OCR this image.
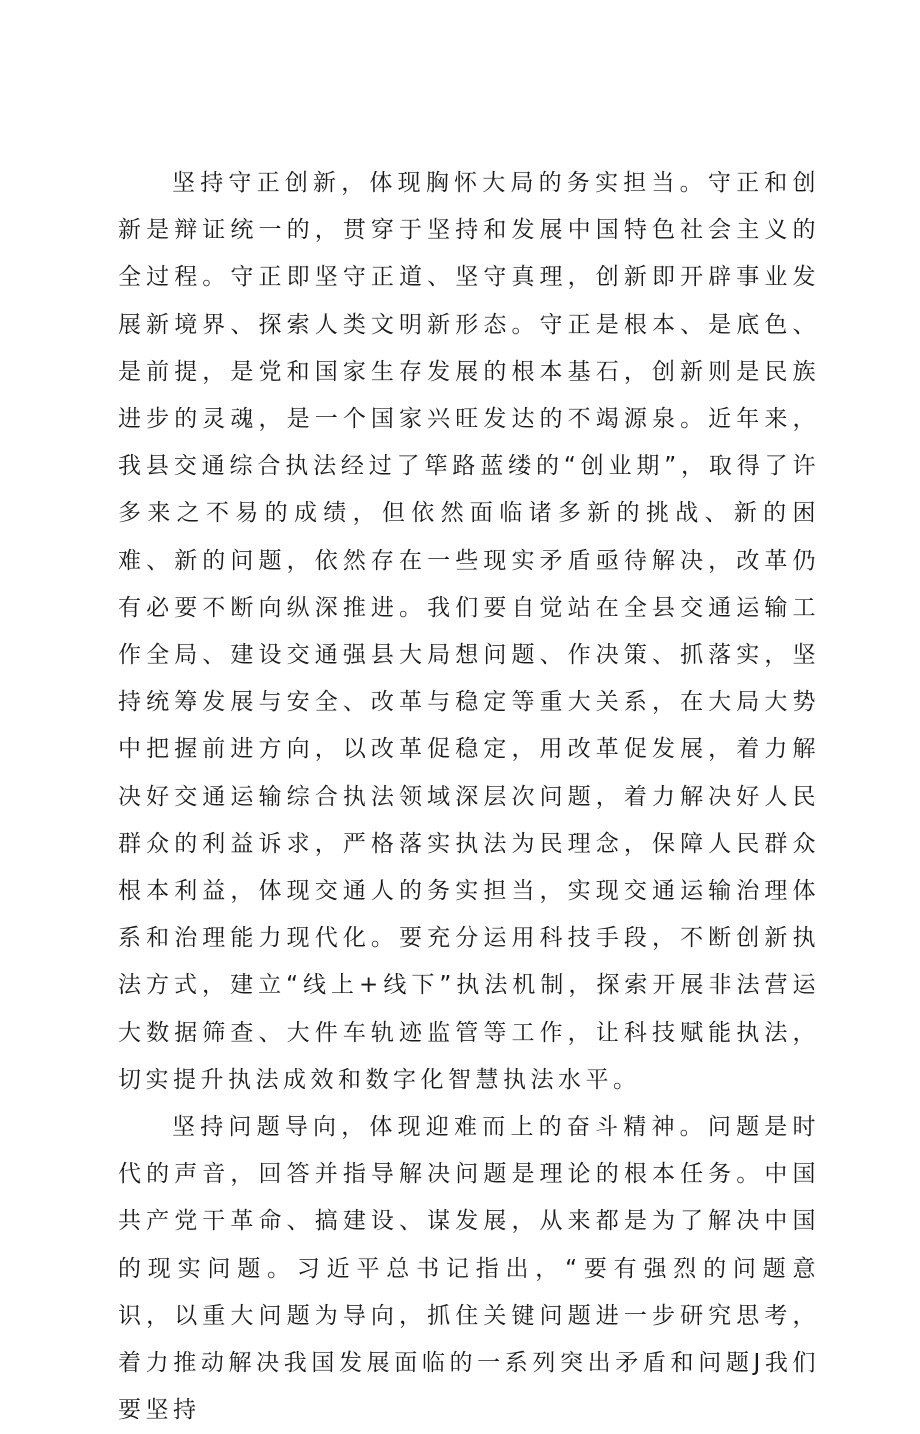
坚持守正创新，体现胸怀大局的务实担当。守正和创新是辩证统一的，贯穿于坚持和发展中国特色社会主义的全过程。守正即坚守正道、坚守真理，创新即开辟事业发展新境界、探索人类文明新形态。守正是根本、是底色、是前提，是党和国家生存发展的根本基石，创新则是民族进步的灵魂，是一个国家兴旺发达的不竭源泉。近年来，我县交通综合执法经过了筚路蓝缕的“创业期”，取得了许多来之不易的成绩，但依然面临诸多新的挑战、新的困难、新的问题，依然存在一些现实矛盾亟待解决，改革仍有必要不断向纵深推进。我们要自觉站在全县交通运输工作全局、建设交通强县大局想问题、作决策、抓落实，坚持统筹发展与安全、改革与稳定等重大关系，在大局大势中把握前进方向，以改革促稳定，用改革促发展，着力解决好交通运输综合执法领域深层次问题，着力解决好人民群众的利益诉求，严格落实执法为民理念，保障人民群众根本利益，体现交通人的务实担当，实现交通运输治理体系和治理能力现代化。要充分运用科技手段，不断创新执法方式，建立“线上+线下”执法机制，探索开展非法营运大数据筛查、大件车轨迹监管等工作，让科技赋能执法，切实提升执法成效和数字化智慧执法水平。

坚持问题导向，体现迎难而上的奋斗精神。问题是时代的声音，回答并指导解决问题是理论的根本任务。中国共产党干革命、搞建设、谋发展，从来都是为了解决中国的现实问题。习近平总书记指出，“要有强烈的问题意识，以重大问题为导向，抓住关键问题进一步研究思考，着力推动解决我国发展面临的一系列突出矛盾和问题J我们要坚持
